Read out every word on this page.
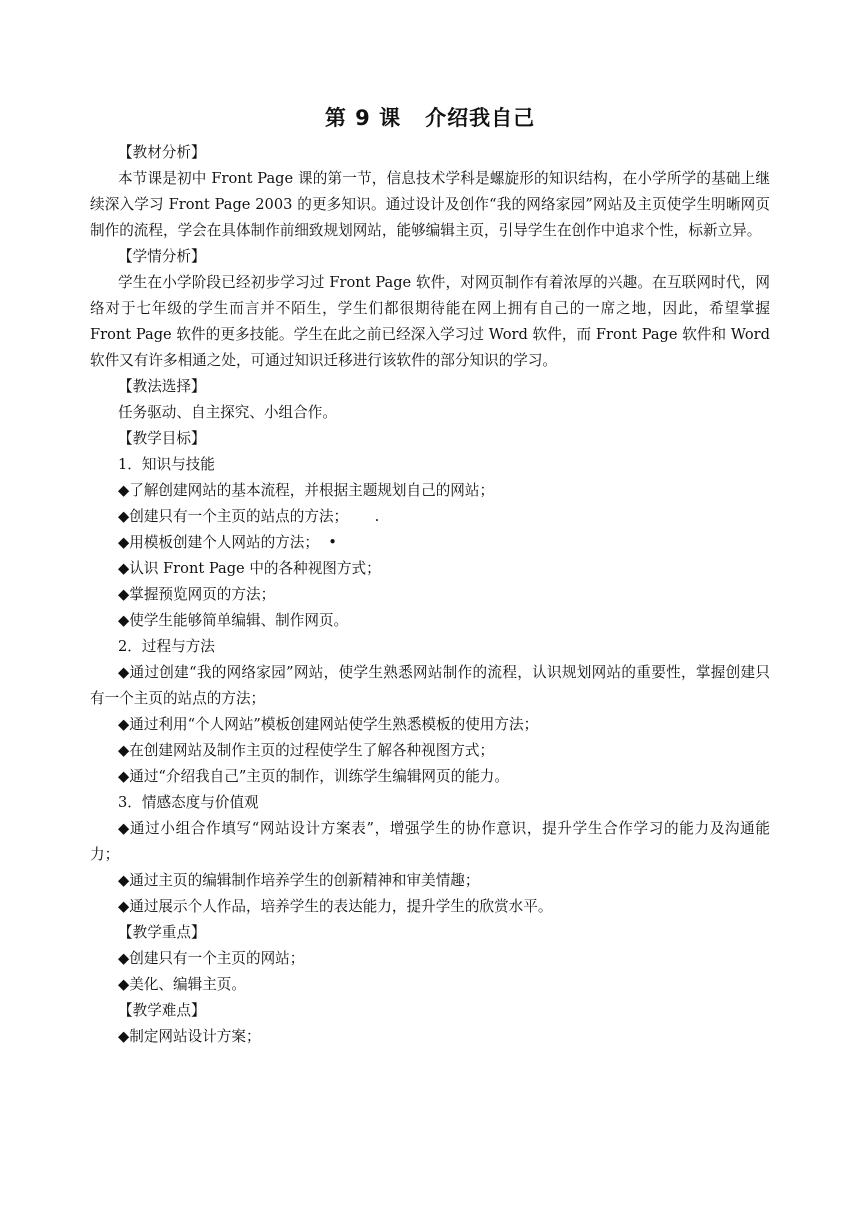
第 9 课 介绍我自己

【教材分析】

本节课是初中 Front Page 课的第一节，信息技术学科是螺旋形的知识结构，在小学所学的基础上继续深入学习 Front Page 2003 的更多知识。通过设计及创作“我的网络家园”网站及主页使学生明晰网页制作的流程，学会在具体制作前细致规划网站，能够编辑主页，引导学生在创作中追求个性，标新立异。

【学情分析】

学生在小学阶段已经初步学习过 Front Page 软件，对网页制作有着浓厚的兴趣。在互联网时代，网络对于七年级的学生而言并不陌生，学生们都很期待能在网上拥有自己的一席之地，因此，希望掌握 Front Page 软件的更多技能。学生在此之前已经深入学习过 Word 软件，而 Front Page 软件和 Word 软件又有许多相通之处，可通过知识迁移进行该软件的部分知识的学习。

【教法选择】

任务驱动、自主探究、小组合作。

【教学目标】

1．知识与技能

◆了解创建网站的基本流程，并根据主题规划自己的网站；

◆创建只有一个主页的站点的方法；　　 .

◆用模板创建个人网站的方法；  •

◆认识 Front Page 中的各种视图方式；

◆掌握预览网页的方法；

◆使学生能够简单编辑、制作网页。

2．过程与方法

◆通过创建“我的网络家园”网站，使学生熟悉网站制作的流程，认识规划网站的重要性，掌握创建只有一个主页的站点的方法；

◆通过利用“个人网站”模板创建网站使学生熟悉模板的使用方法；

◆在创建网站及制作主页的过程使学生了解各种视图方式；

◆通过“介绍我自己”主页的制作，训练学生编辑网页的能力。

3．情感态度与价值观

◆通过小组合作填写“网站设计方案表”，增强学生的协作意识，提升学生合作学习的能力及沟通能力；

◆通过主页的编辑制作培养学生的创新精神和审美情趣；

◆通过展示个人作品，培养学生的表达能力，提升学生的欣赏水平。

【教学重点】

◆创建只有一个主页的网站；

◆美化、编辑主页。

【教学难点】

◆制定网站设计方案；
